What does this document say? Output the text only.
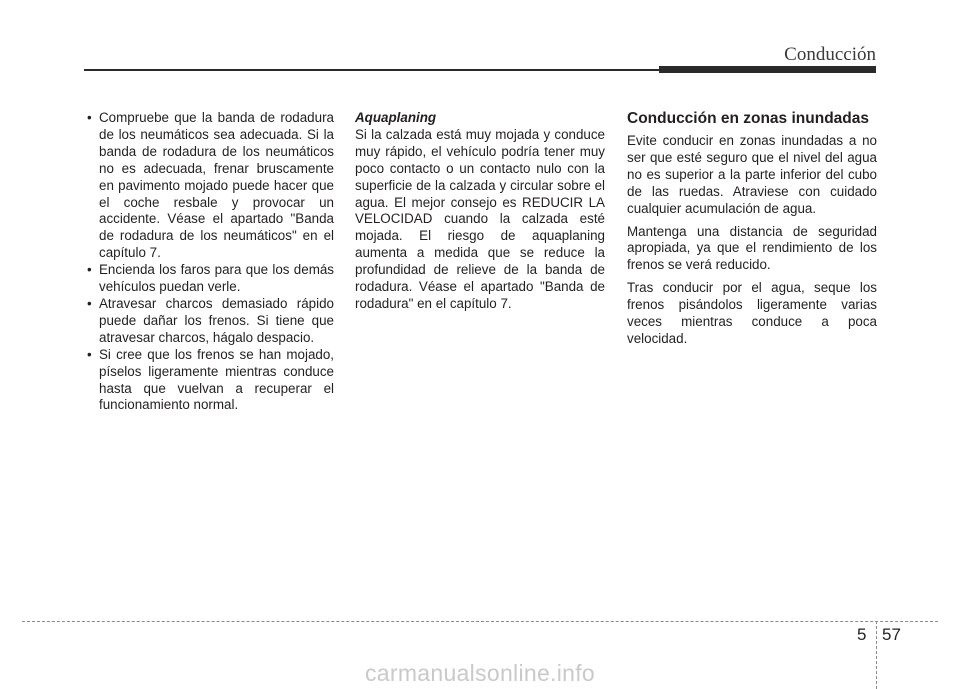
Conducción
• Compruebe que la banda de rodadura de los neumáticos sea adecuada. Si la banda de rodadura de los neumáticos no es adecuada, frenar bruscamente en pavimento mojado puede hacer que el coche resbale y provocar un accidente. Véase el apartado "Banda de rodadura de los neumáticos" en el capítulo 7.
• Encienda los faros para que los demás vehículos puedan verle.
• Atravesar charcos demasiado rápido puede dañar los frenos. Si tiene que atravesar charcos, hágalo despacio.
• Si cree que los frenos se han mojado, píselos ligeramente mientras conduce hasta que vuelvan a recuperar el funcionamiento normal.
Aquaplaning

Si la calzada está muy mojada y conduce muy rápido, el vehículo podría tener muy poco contacto o un contacto nulo con la superficie de la calzada y circular sobre el agua. El mejor consejo es REDUCIR LA VELOCIDAD cuando la calzada esté mojada. El riesgo de aquaplaning aumenta a medida que se reduce la profundidad de relieve de la banda de rodadura. Véase el apartado "Banda de rodadura" en el capítulo 7.

Conducción en zonas inundadas

Evite conducir en zonas inundadas a no ser que esté seguro que el nivel del agua no es superior a la parte inferior del cubo de las ruedas. Atraviese con cuidado cualquier acumulación de agua.

Mantenga una distancia de seguridad apropiada, ya que el rendimiento de los frenos se verá reducido.

Tras conducir por el agua, seque los frenos pisándolos ligeramente varias veces mientras conduce a poca velocidad.

5 57
carmanualsonline.info
